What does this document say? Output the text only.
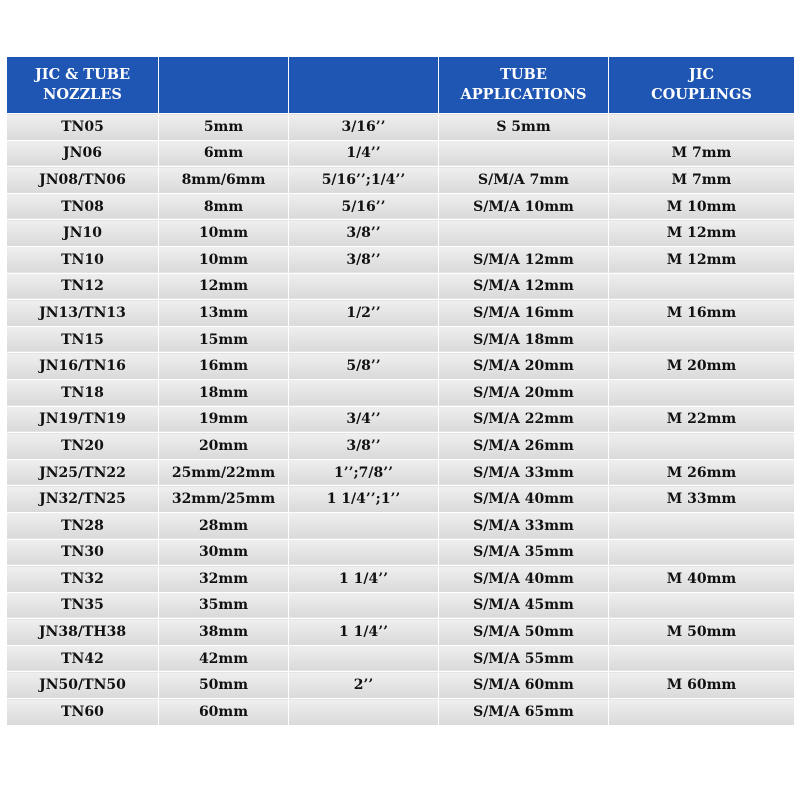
JIC & TUBE
NOZZLES			TUBE
APPLICATIONS	JIC
COUPLINGS

TN05	5mm	3/16’’	S 5mm	
JN06	6mm	1/4’’		M 7mm
JN08/TN06	8mm/6mm	5/16’’;1/4’’	S/M/A 7mm	M 7mm
TN08	8mm	5/16’’	S/M/A 10mm	M 10mm
JN10	10mm	3/8’’		M 12mm
TN10	10mm	3/8’’	S/M/A 12mm	M 12mm
TN12	12mm		S/M/A 12mm	
JN13/TN13	13mm	1/2’’	S/M/A 16mm	M 16mm
TN15	15mm		S/M/A 18mm	
JN16/TN16	16mm	5/8’’	S/M/A 20mm	M 20mm
TN18	18mm		S/M/A 20mm	
JN19/TN19	19mm	3/4’’	S/M/A 22mm	M 22mm
TN20	20mm	3/8’’	S/M/A 26mm	
JN25/TN22	25mm/22mm	1’’;7/8’’	S/M/A 33mm	M 26mm
JN32/TN25	32mm/25mm	1 1/4’’;1’’	S/M/A 40mm	M 33mm
TN28	28mm		S/M/A 33mm	
TN30	30mm		S/M/A 35mm	
TN32	32mm	1 1/4’’	S/M/A 40mm	M 40mm
TN35	35mm		S/M/A 45mm	
JN38/TH38	38mm	1 1/4’’	S/M/A 50mm	M 50mm
TN42	42mm		S/M/A 55mm	
JN50/TN50	50mm	2’’	S/M/A 60mm	M 60mm
TN60	60mm		S/M/A 65mm	
